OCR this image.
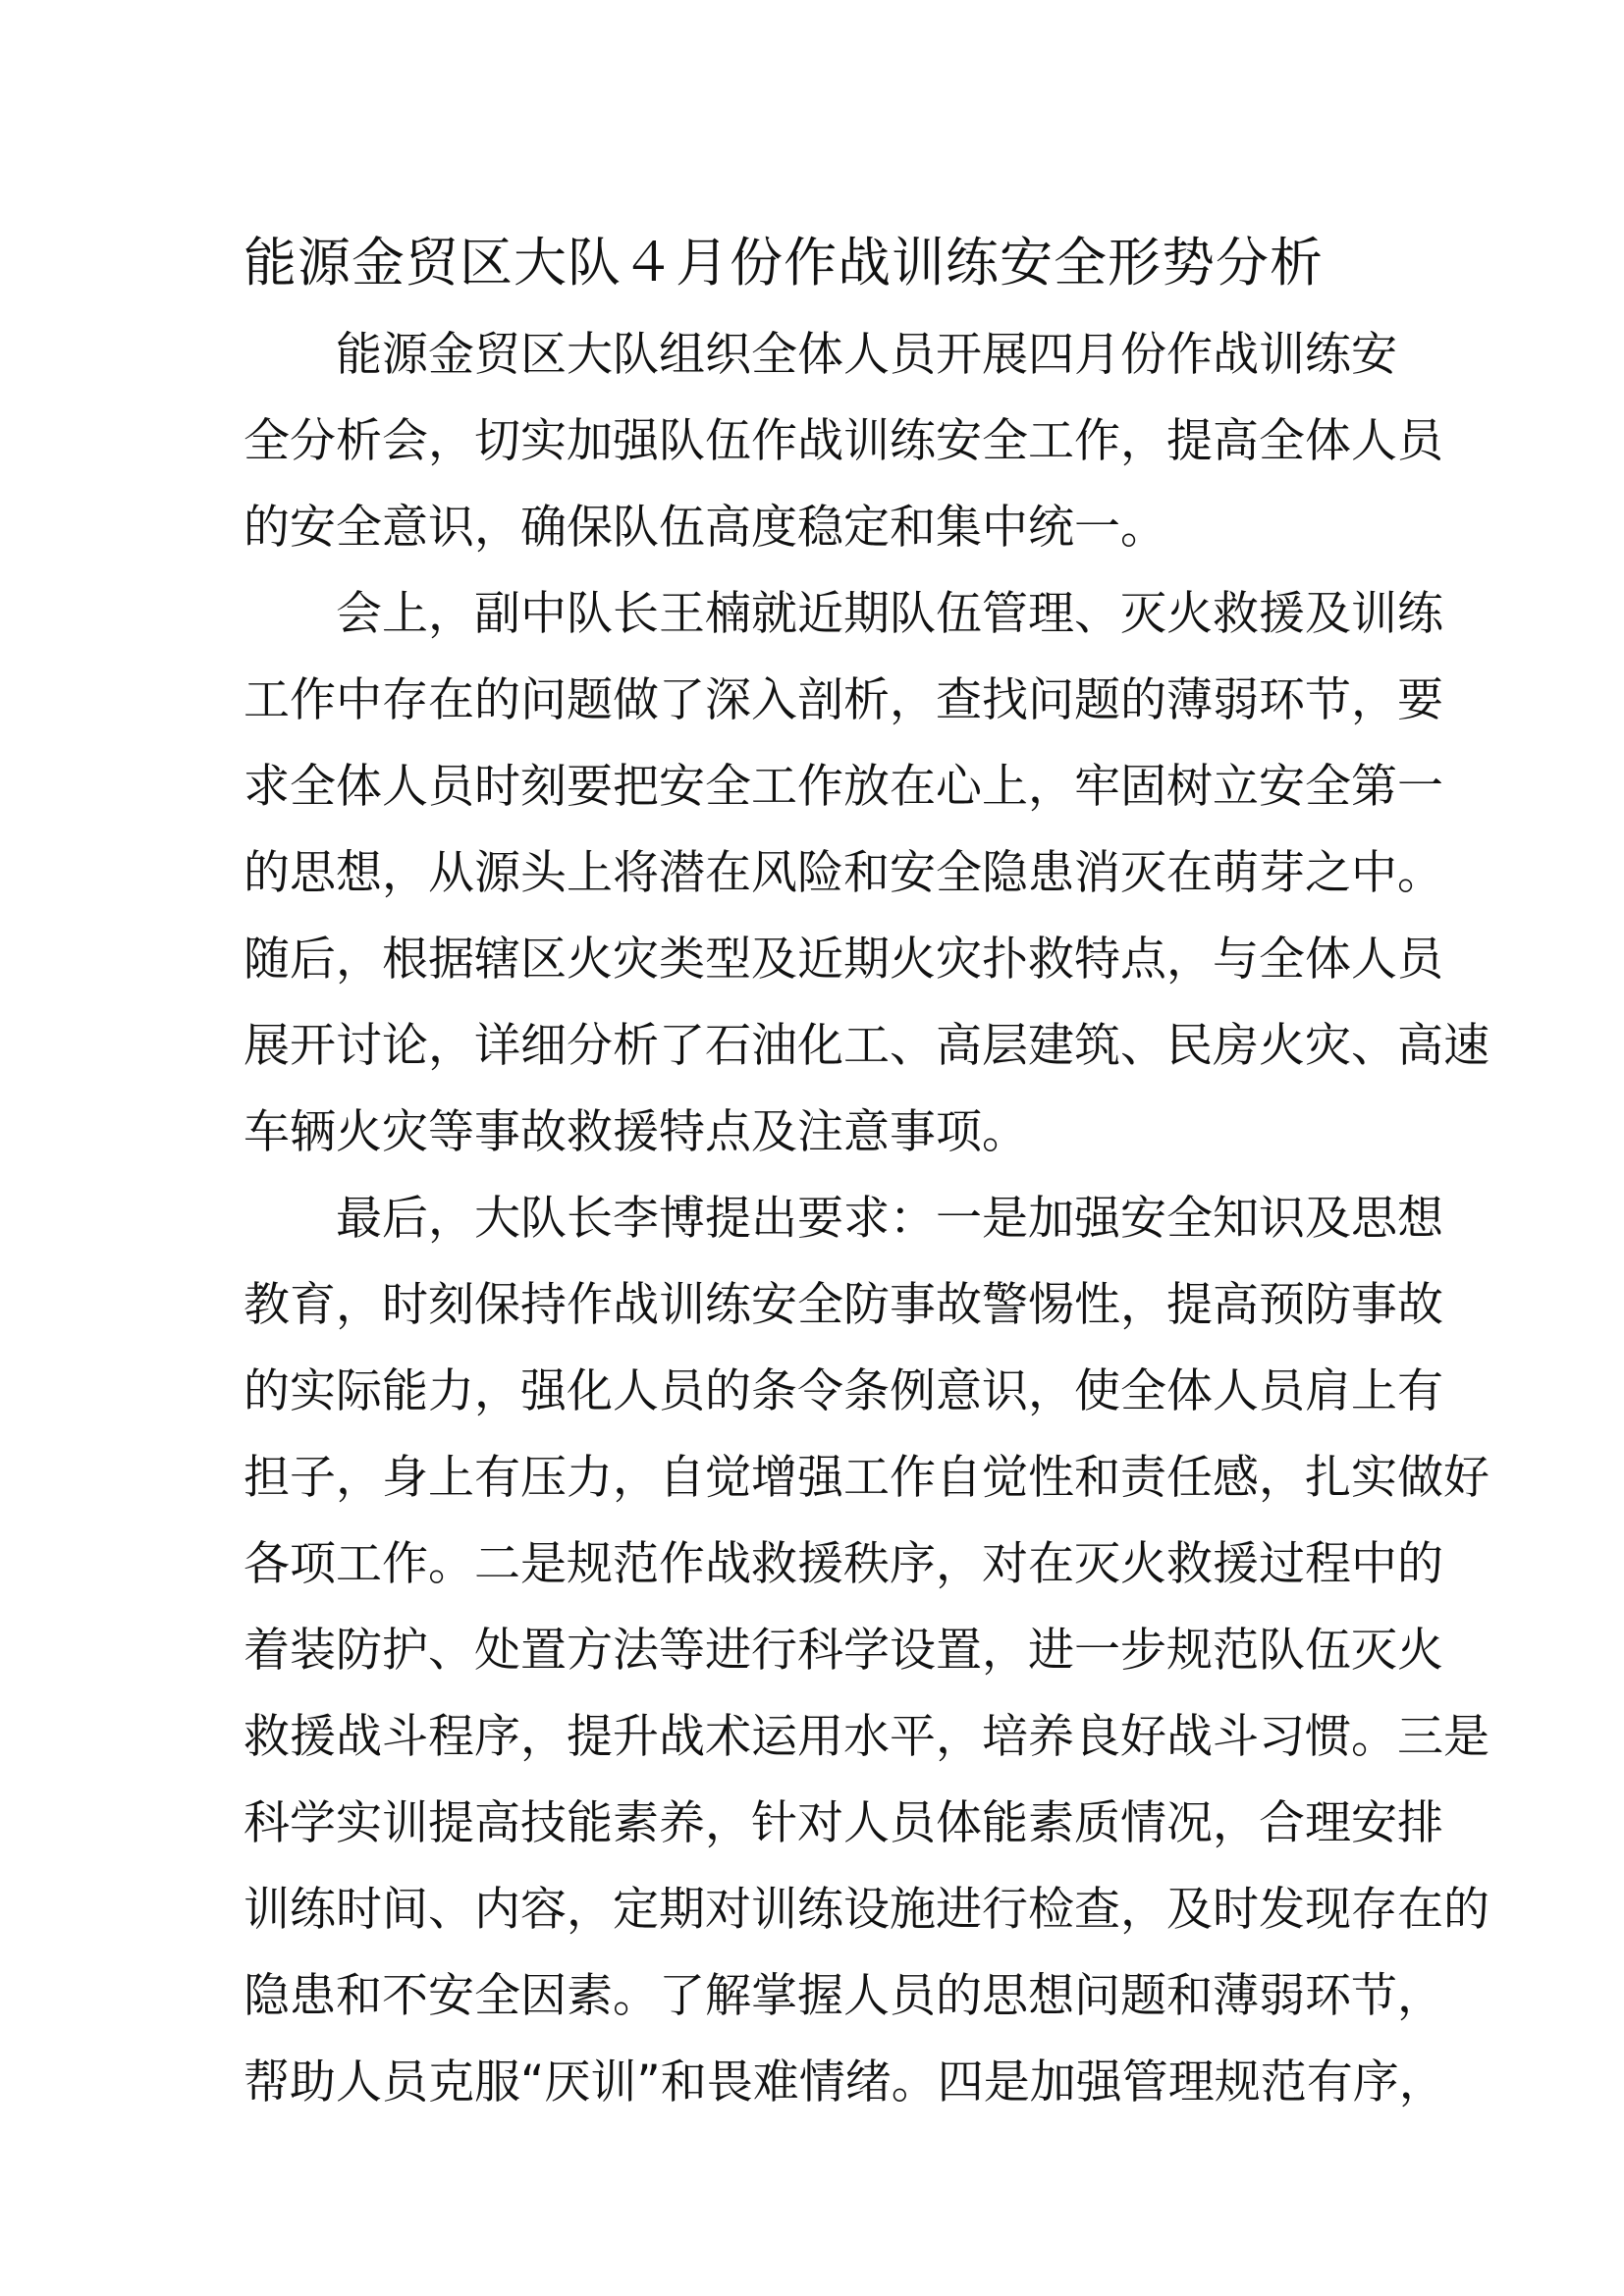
能源金贸区大队４月份作战训练安全形势分析
能源金贸区大队组织全体人员开展四月份作战训练安
全分析会，切实加强队伍作战训练安全工作，提高全体人员
的安全意识，确保队伍高度稳定和集中统一。
会上，副中队长王楠就近期队伍管理、灭火救援及训练
工作中存在的问题做了深入剖析，查找问题的薄弱环节，要
求全体人员时刻要把安全工作放在心上，牢固树立安全第一
的思想，从源头上将潜在风险和安全隐患消灭在萌芽之中。
随后，根据辖区火灾类型及近期火灾扑救特点，与全体人员
展开讨论，详细分析了石油化工、高层建筑、民房火灾、高速
车辆火灾等事故救援特点及注意事项。
最后，大队长李博提出要求：一是加强安全知识及思想
教育，时刻保持作战训练安全防事故警惕性，提高预防事故
的实际能力，强化人员的条令条例意识，使全体人员肩上有
担子，身上有压力，自觉增强工作自觉性和责任感，扎实做好
各项工作。二是规范作战救援秩序，对在灭火救援过程中的
着装防护、处置方法等进行科学设置，进一步规范队伍灭火
救援战斗程序，提升战术运用水平，培养良好战斗习惯。三是
科学实训提高技能素养，针对人员体能素质情况，合理安排
训练时间、内容，定期对训练设施进行检查，及时发现存在的
隐患和不安全因素。了解掌握人员的思想问题和薄弱环节，
帮助人员克服“厌训”和畏难情绪。四是加强管理规范有序，
